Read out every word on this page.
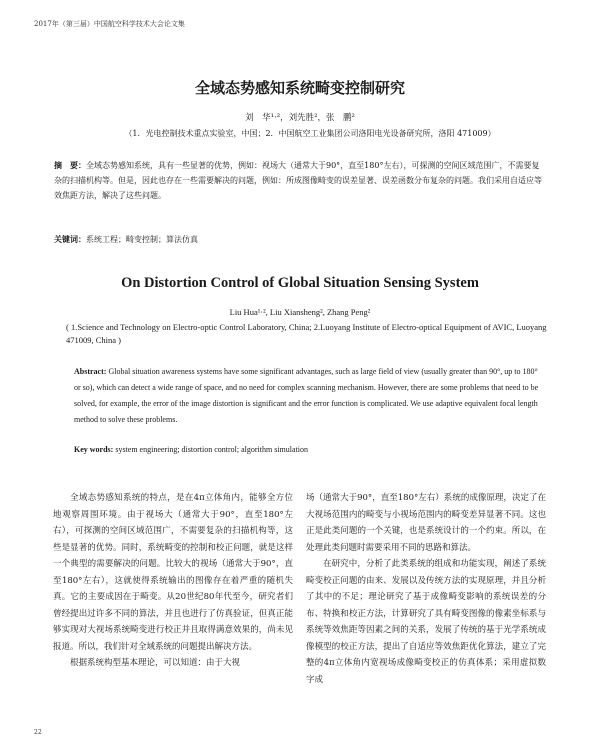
2017年（第三届）中国航空科学技术大会论文集
全域态势感知系统畸变控制研究
刘　华¹·²，刘先胜²，张　鹏²
（1．光电控制技术重点实验室，中国；2．中国航空工业集团公司洛阳电光设备研究所，洛阳 471009）
摘　要：全域态势感知系统，具有一些显著的优势，例如：视场大（通常大于90°，直至180°左右），可探测的空间区域范围广，不需要复杂的扫描机构等。但是，因此也存在一些需要解决的问题，例如：所成图像畸变的误差显著、误差函数分布复杂的问题。我们采用自适应等效焦距方法，解决了这些问题。
关键词：系统工程；畸变控制；算法仿真
On Distortion Control of Global Situation Sensing System
Liu Hua¹·², Liu Xiansheng², Zhang Peng²
( 1.Science and Technology on Electro-optic Control Laboratory, China; 2.Luoyang Institute of Electro-optical Equipment of AVIC, Luoyang 471009, China )
Abstract: Global situation awareness systems have some significant advantages, such as large field of view (usually greater than 90°, up to 180° or so), which can detect a wide range of space, and no need for complex scanning mechanism. However, there are some problems that need to be solved, for example, the error of the image distortion is significant and the error function is complicated. We use adaptive equivalent focal length method to solve these problems.
Key words: system engineering; distortion control; algorithm simulation

全域态势感知系统的特点，是在4π立体角内，能够全方位地观察周围环境。由于视场大（通常大于90°，直至180°左右），可探测的空间区域范围广，不需要复杂的扫描机构等，这些是显著的优势。同时，系统畸变的控制和校正问题，就是这样一个典型的需要解决的问题。比较大的视场（通常大于90°，直至180°左右），这就使得系统输出的图像存在着严重的随机失真。它的主要成因在于畸变。从20世纪80年代至今，研究者们曾经提出过许多不同的算法，并且也进行了仿真验证，但真正能够实现对大视场系统畸变进行校正并且取得满意效果的，尚未见报道。所以，我们针对全域系统的问题提出解决方法。

根据系统构型基本理论，可以知道：由于大视

场（通常大于90°，直至180°左右）系统的成像原理，决定了在大视场范围内的畸变与小视场范围内的畸变差异显著不同。这也正是此类问题的一个关键，也是系统设计的一个约束。所以，在处理此类问题时需要采用不同的思路和算法。

在研究中，分析了此类系统的组成和功能实现，阐述了系统畸变校正问题的由来、发展以及传统方法的实现原理，并且分析了其中的不足；理论研究了基于成像畸变影响的系统误差的分布、特换和校正方法，计算研究了具有畸变图像的像素坐标系与系统等效焦距等因素之间的关系，发展了传统的基于光学系统成像模型的校正方法，提出了自适应等效焦距优化算法，建立了完整的4π立体角内宽视场成像畸变校正的仿真体系；采用虚拟数字成

22
